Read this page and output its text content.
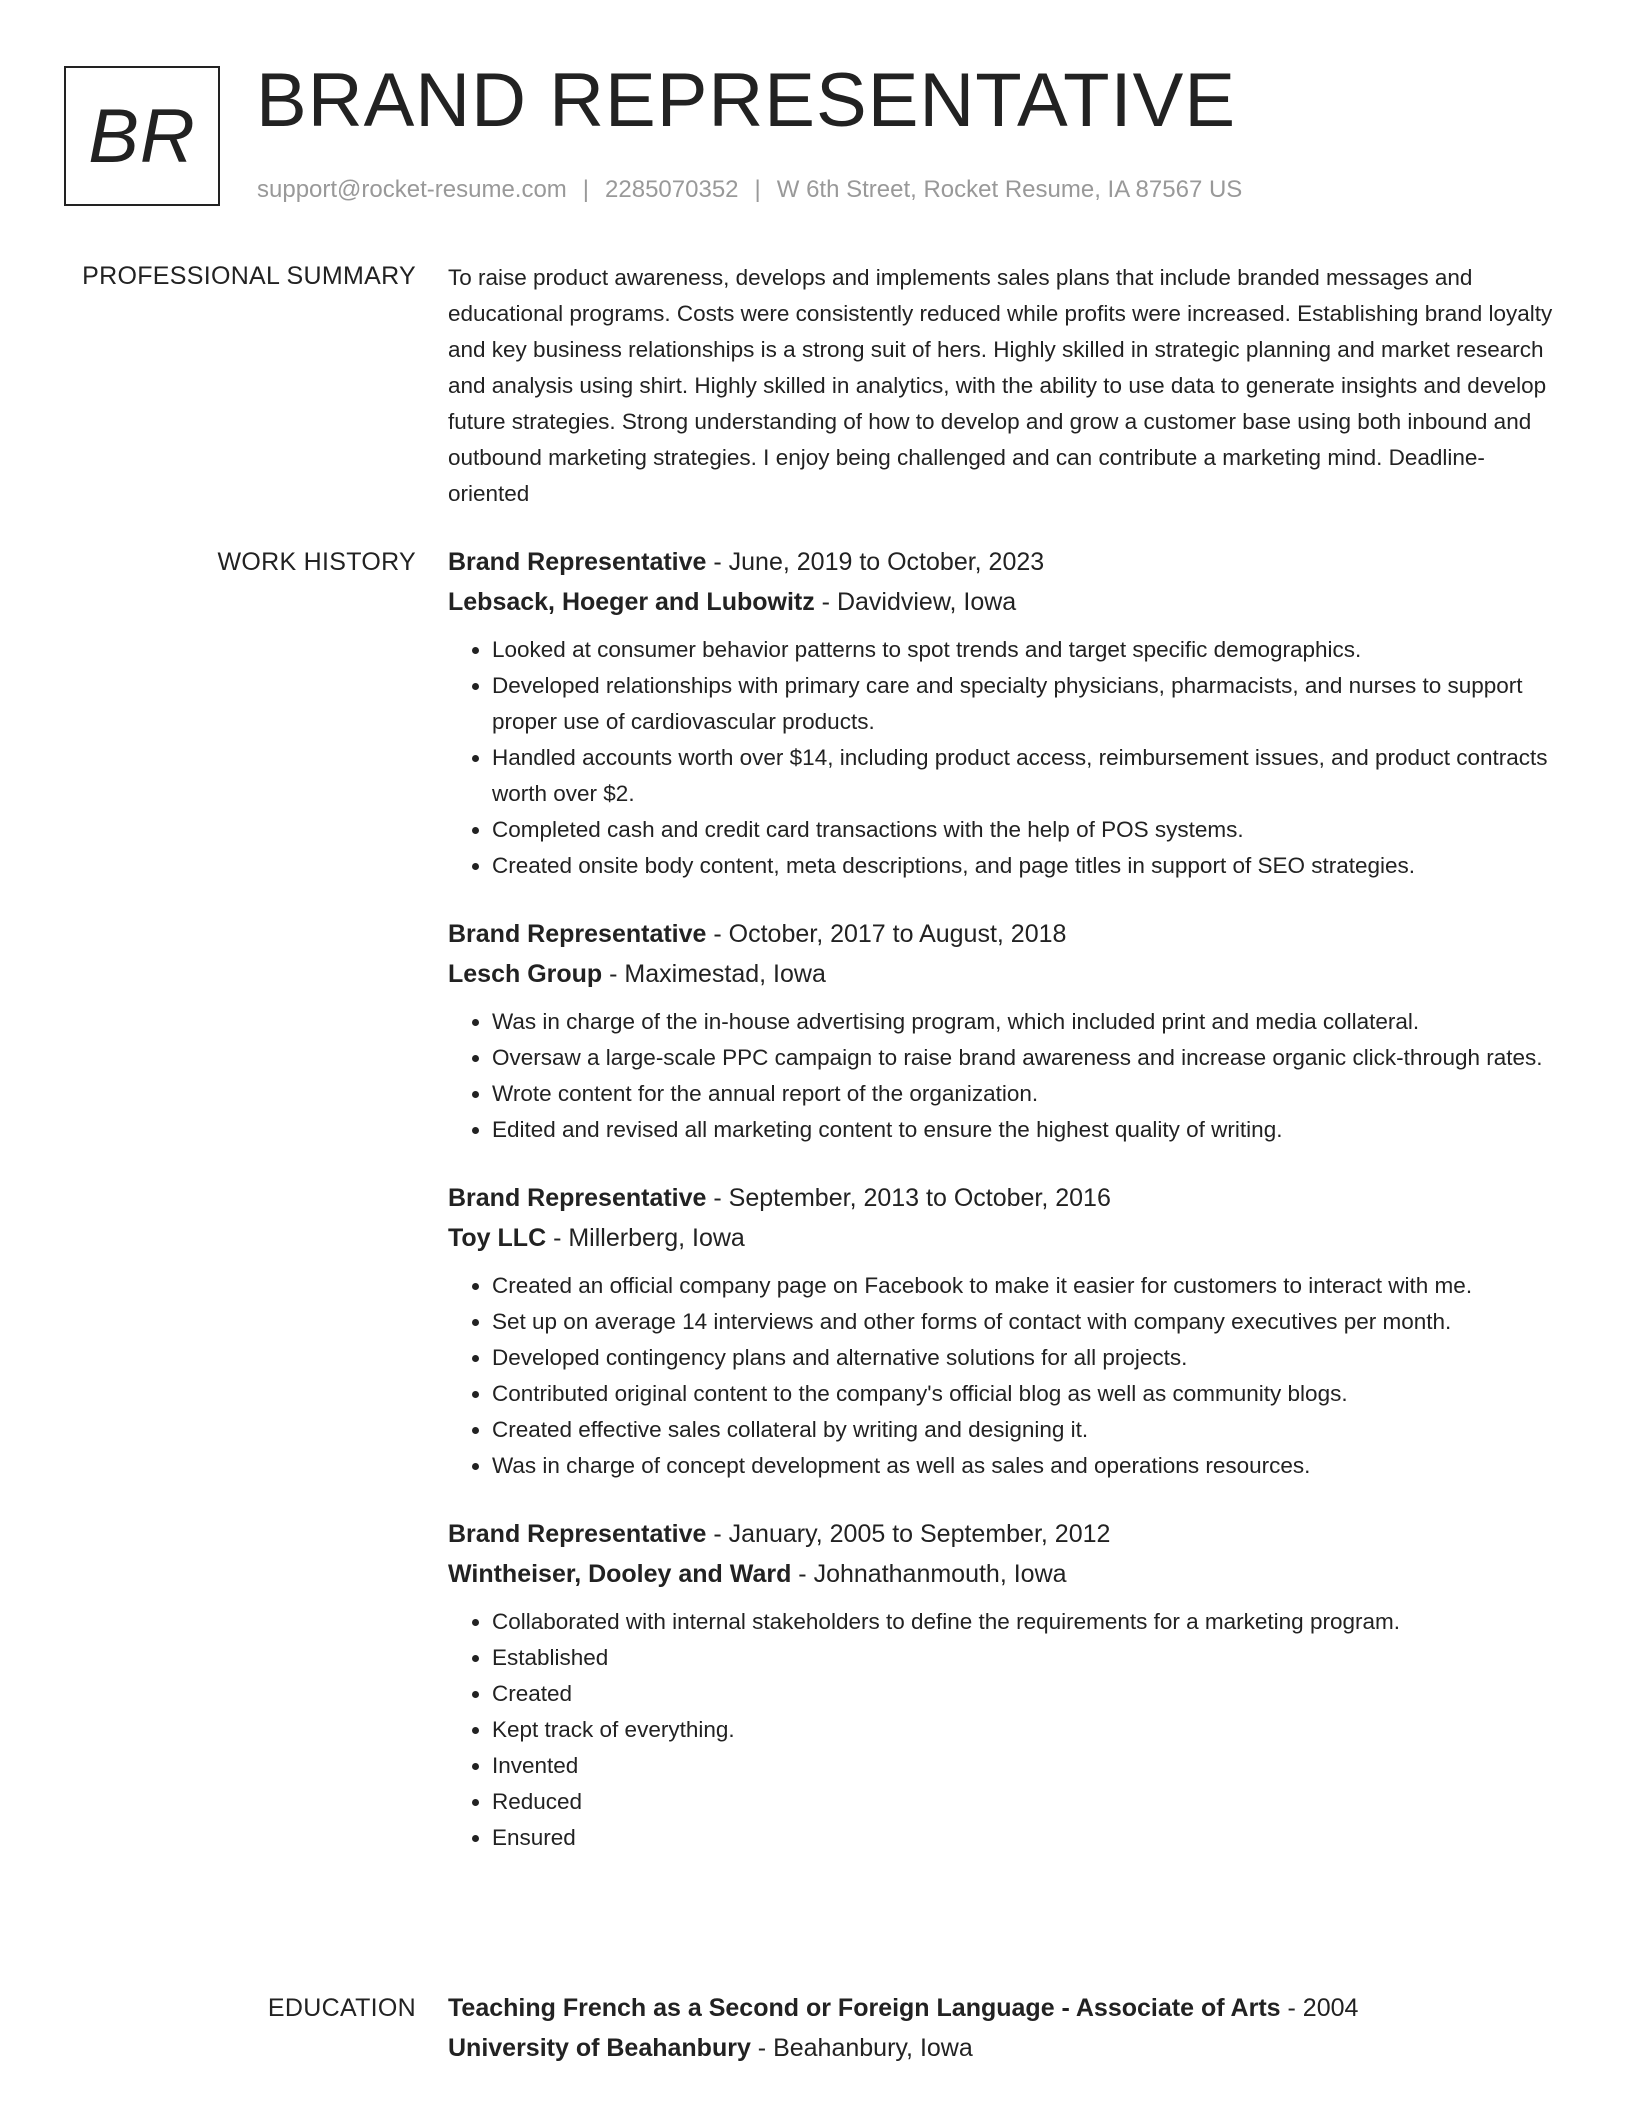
BR BRAND REPRESENTATIVE
support@rocket-resume.com | 2285070352 | W 6th Street, Rocket Resume, IA 87567 US
PROFESSIONAL SUMMARY To raise product awareness, develops and implements sales plans that include branded messages and educational programs. Costs were consistently reduced while profits were increased. Establishing brand loyalty and key business relationships is a strong suit of hers. Highly skilled in strategic planning and market research and analysis using shirt. Highly skilled in analytics, with the ability to use data to generate insights and develop future strategies. Strong understanding of how to develop and grow a customer base using both inbound and outbound marketing strategies. I enjoy being challenged and can contribute a marketing mind. Deadline-oriented

WORK HISTORY Brand Representative - June, 2019 to October, 2023
Lebsack, Hoeger and Lubowitz - Davidview, Iowa
• Looked at consumer behavior patterns to spot trends and target specific demographics.
• Developed relationships with primary care and specialty physicians, pharmacists, and nurses to support proper use of cardiovascular products.
• Handled accounts worth over $14, including product access, reimbursement issues, and product contracts worth over $2.
• Completed cash and credit card transactions with the help of POS systems.
• Created onsite body content, meta descriptions, and page titles in support of SEO strategies.
Brand Representative - October, 2017 to August, 2018
Lesch Group - Maximestad, Iowa
• Was in charge of the in-house advertising program, which included print and media collateral.
• Oversaw a large-scale PPC campaign to raise brand awareness and increase organic click-through rates.
• Wrote content for the annual report of the organization.
• Edited and revised all marketing content to ensure the highest quality of writing.
Brand Representative - September, 2013 to October, 2016
Toy LLC - Millerberg, Iowa
• Created an official company page on Facebook to make it easier for customers to interact with me.
• Set up on average 14 interviews and other forms of contact with company executives per month.
• Developed contingency plans and alternative solutions for all projects.
• Contributed original content to the company's official blog as well as community blogs.
• Created effective sales collateral by writing and designing it.
• Was in charge of concept development as well as sales and operations resources.
Brand Representative - January, 2005 to September, 2012
Wintheiser, Dooley and Ward - Johnathanmouth, Iowa
• Collaborated with internal stakeholders to define the requirements for a marketing program.
• Established
• Created
• Kept track of everything.
• Invented
• Reduced
• Ensured
EDUCATION Teaching French as a Second or Foreign Language - Associate of Arts - 2004
University of Beahanbury - Beahanbury, Iowa
